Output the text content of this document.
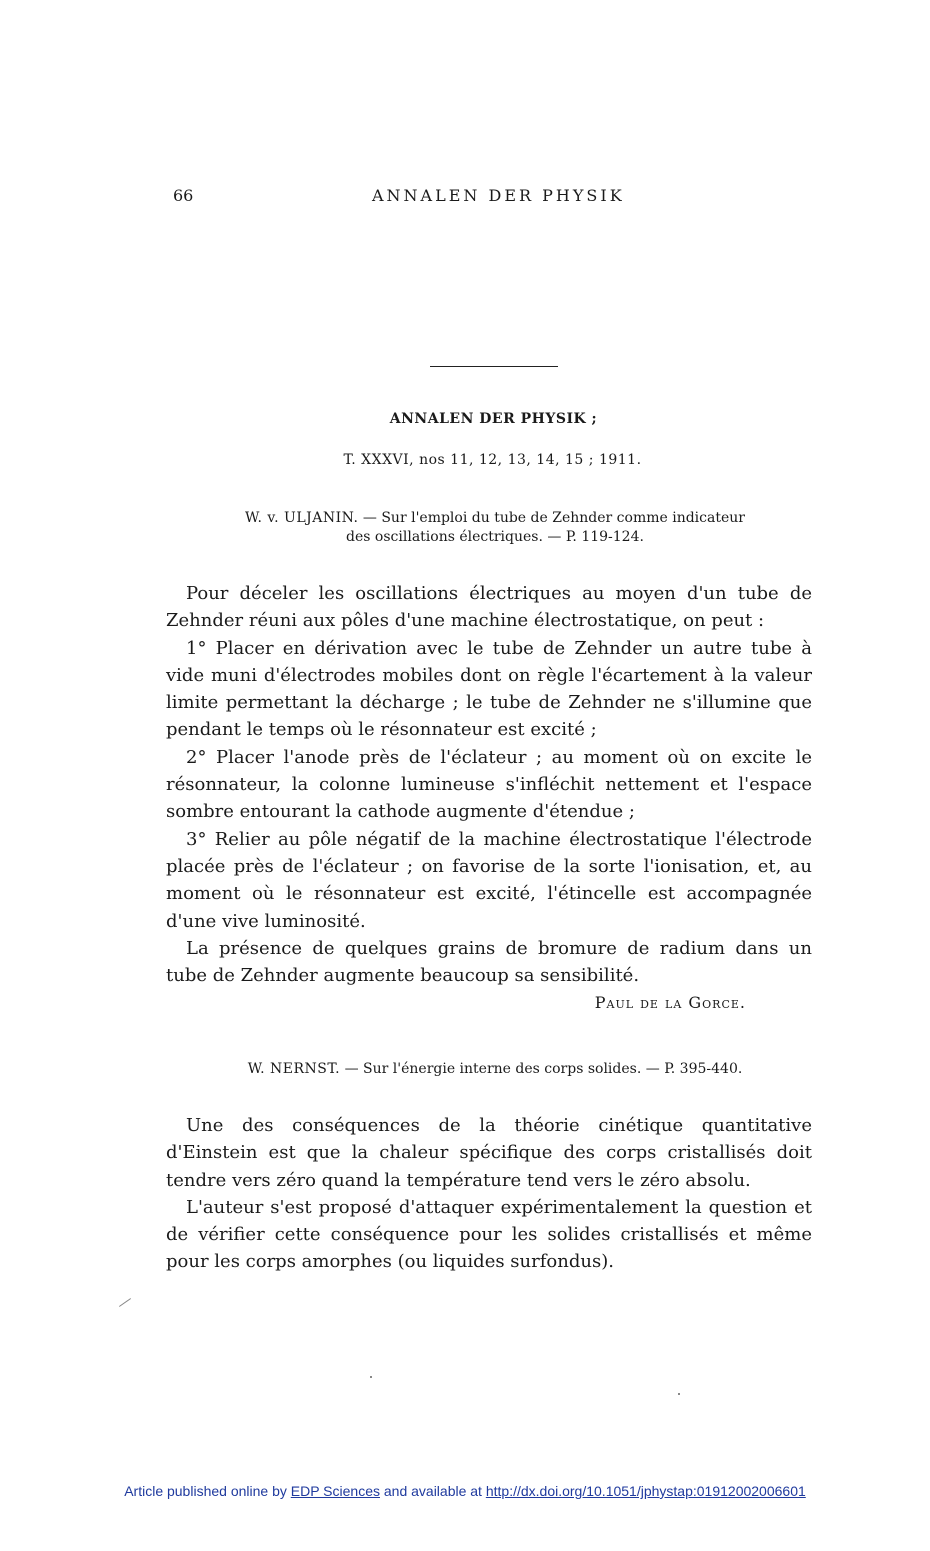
66	ANNALEN DER PHYSIK
ANNALEN DER PHYSIK ;
T. XXXVI, nos 11, 12, 13, 14, 15 ; 1911.
W. v. ULJANIN. — Sur l'emploi du tube de Zehnder comme indicateur
des oscillations électriques. — P. 119-124.

Pour déceler les oscillations électriques au moyen d'un tube de Zehnder réuni aux pôles d'une machine électrostatique, on peut :

1° Placer en dérivation avec le tube de Zehnder un autre tube à vide muni d'électrodes mobiles dont on règle l'écartement à la valeur limite permettant la décharge ; le tube de Zehnder ne s'illumine que pendant le temps où le résonnateur est excité ;

2° Placer l'anode près de l'éclateur ; au moment où on excite le résonnateur, la colonne lumineuse s'infléchit nettement et l'espace sombre entourant la cathode augmente d'étendue ;

3° Relier au pôle négatif de la machine électrostatique l'électrode placée près de l'éclateur ; on favorise de la sorte l'ionisation, et, au moment où le résonnateur est excité, l'étincelle est accompagnée d'une vive luminosité.

La présence de quelques grains de bromure de radium dans un tube de Zehnder augmente beaucoup sa sensibilité.

Paul de la Gorce.
W. NERNST. — Sur l'énergie interne des corps solides. — P. 395-440.

Une des conséquences de la théorie cinétique quantitative d'Einstein est que la chaleur spécifique des corps cristallisés doit tendre vers zéro quand la température tend vers le zéro absolu.

L'auteur s'est proposé d'attaquer expérimentalement la question et de vérifier cette conséquence pour les solides cristallisés et même pour les corps amorphes (ou liquides surfondus).

Article published online by EDP Sciences and available at http://dx.doi.org/10.1051/jphystap:01912002006601
